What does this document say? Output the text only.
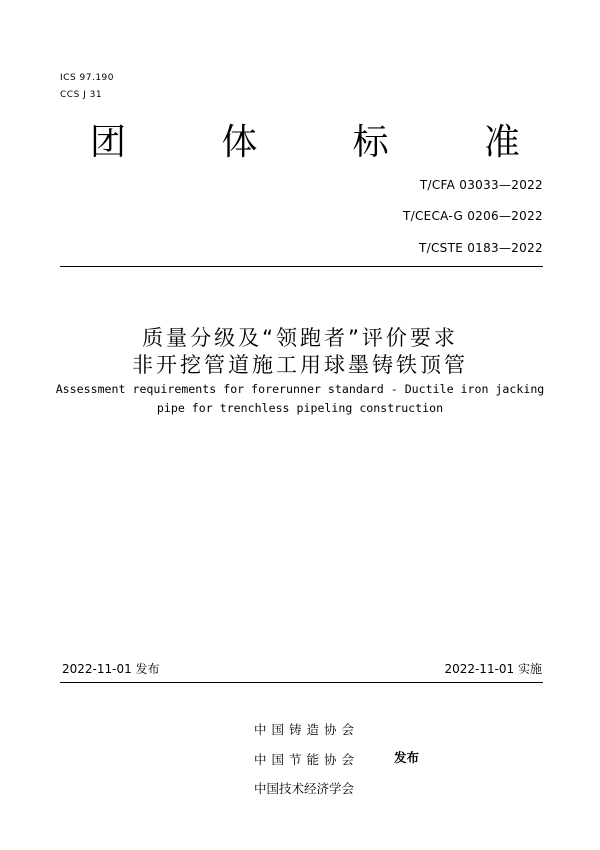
ICS 97.190
CCS J 31
团	体	标	准
T/CFA 03033—2022
T/CECA-G 0206—2022
T/CSTE 0183—2022
质量分级及“领跑者”评价要求
非开挖管道施工用球墨铸铁顶管
Assessment requirements for forerunner standard - Ductile iron jacking
pipe for trenchless pipeling construction
2022-11-01 发布	2022-11-01 实施
中国铸造协会
中国节能协会
中国技术经济学会
发布
